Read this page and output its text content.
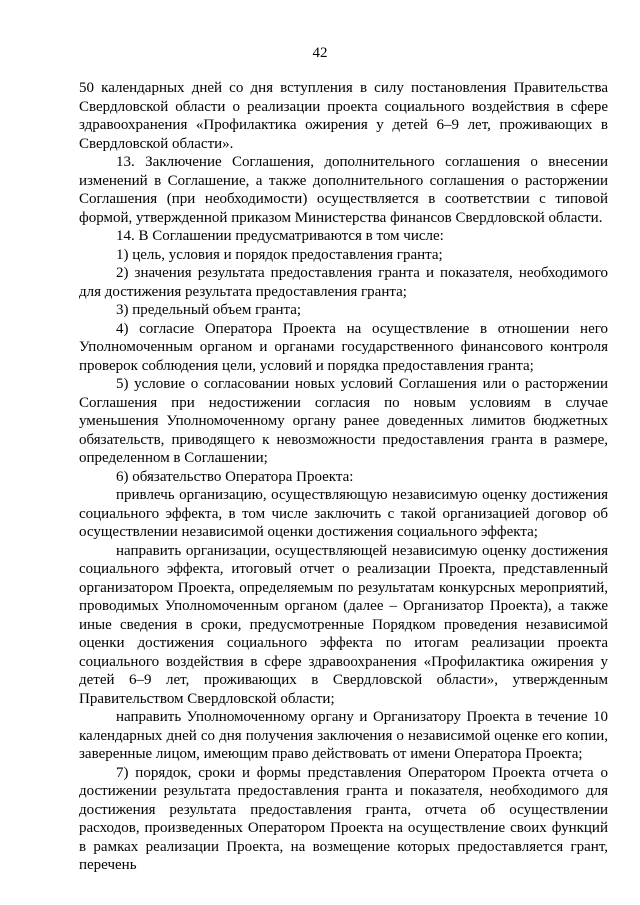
42

50 календарных дней со дня вступления в силу постановления Правительства Свердловской области о реализации проекта социального воздействия в сфере здравоохранения «Профилактика ожирения у детей 6–9 лет, проживающих в Свердловской области».

13. Заключение Соглашения, дополнительного соглашения о внесении изменений в Соглашение, а также дополнительного соглашения о расторжении Соглашения (при необходимости) осуществляется в соответствии с типовой формой, утвержденной приказом Министерства финансов Свердловской области.

14. В Соглашении предусматриваются в том числе:

1) цель, условия и порядок предоставления гранта;

2) значения результата предоставления гранта и показателя, необходимого для достижения результата предоставления гранта;

3) предельный объем гранта;

4) согласие Оператора Проекта на осуществление в отношении него Уполномоченным органом и органами государственного финансового контроля проверок соблюдения цели, условий и порядка предоставления гранта;

5) условие о согласовании новых условий Соглашения или о расторжении Соглашения при недостижении согласия по новым условиям в случае уменьшения Уполномоченному органу ранее доведенных лимитов бюджетных обязательств, приводящего к невозможности предоставления гранта в размере, определенном в Соглашении;

6) обязательство Оператора Проекта:

привлечь организацию, осуществляющую независимую оценку достижения социального эффекта, в том числе заключить с такой организацией договор об осуществлении независимой оценки достижения социального эффекта;

направить организации, осуществляющей независимую оценку достижения социального эффекта, итоговый отчет о реализации Проекта, представленный организатором Проекта, определяемым по результатам конкурсных мероприятий, проводимых Уполномоченным органом (далее – Организатор Проекта), а также иные сведения в сроки, предусмотренные Порядком проведения независимой оценки достижения социального эффекта по итогам реализации проекта социального воздействия в сфере здравоохранения «Профилактика ожирения у детей 6–9 лет, проживающих в Свердловской области», утвержденным Правительством Свердловской области;

направить Уполномоченному органу и Организатору Проекта в течение 10 календарных дней со дня получения заключения о независимой оценке его копии, заверенные лицом, имеющим право действовать от имени Оператора Проекта;

7) порядок, сроки и формы представления Оператором Проекта отчета о достижении результата предоставления гранта и показателя, необходимого для достижения результата предоставления гранта, отчета об осуществлении расходов, произведенных Оператором Проекта на осуществление своих функций в рамках реализации Проекта, на возмещение которых предоставляется грант, перечень
